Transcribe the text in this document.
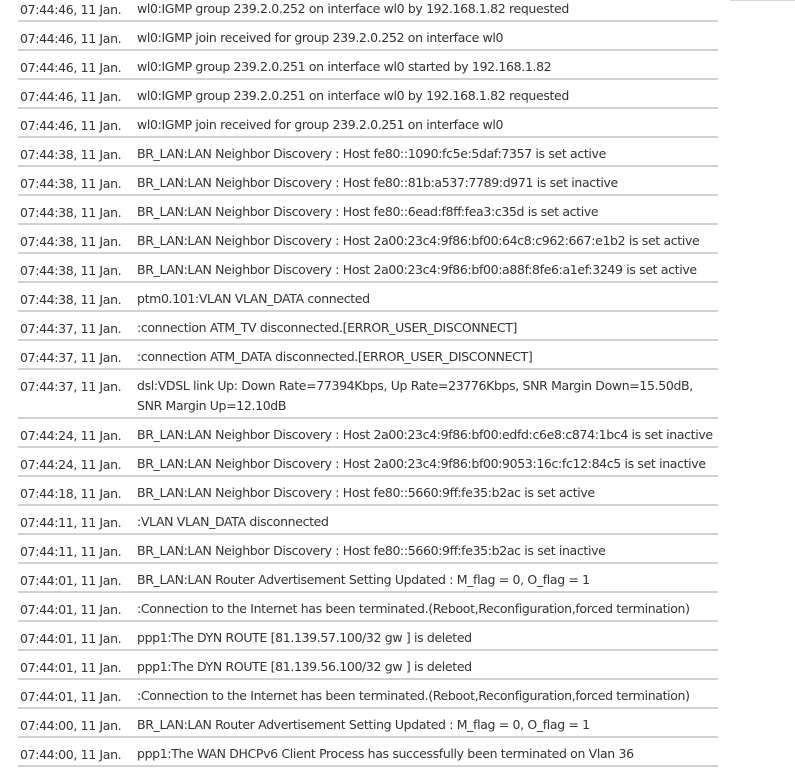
07:44:46, 11 Jan.	wl0:IGMP group 239.2.0.252 on interface wl0 by 192.168.1.82 requested
07:44:46, 11 Jan.	wl0:IGMP join received for group 239.2.0.252 on interface wl0
07:44:46, 11 Jan.	wl0:IGMP group 239.2.0.251 on interface wl0 started by 192.168.1.82
07:44:46, 11 Jan.	wl0:IGMP group 239.2.0.251 on interface wl0 by 192.168.1.82 requested
07:44:46, 11 Jan.	wl0:IGMP join received for group 239.2.0.251 on interface wl0
07:44:38, 11 Jan.	BR_LAN:LAN Neighbor Discovery : Host fe80::1090:fc5e:5daf:7357 is set active
07:44:38, 11 Jan.	BR_LAN:LAN Neighbor Discovery : Host fe80::81b:a537:7789:d971 is set inactive
07:44:38, 11 Jan.	BR_LAN:LAN Neighbor Discovery : Host fe80::6ead:f8ff:fea3:c35d is set active
07:44:38, 11 Jan.	BR_LAN:LAN Neighbor Discovery : Host 2a00:23c4:9f86:bf00:64c8:c962:667:e1b2 is set active
07:44:38, 11 Jan.	BR_LAN:LAN Neighbor Discovery : Host 2a00:23c4:9f86:bf00:a88f:8fe6:a1ef:3249 is set active
07:44:38, 11 Jan.	ptm0.101:VLAN VLAN_DATA connected
07:44:37, 11 Jan.	:connection ATM_TV disconnected.[ERROR_USER_DISCONNECT]
07:44:37, 11 Jan.	:connection ATM_DATA disconnected.[ERROR_USER_DISCONNECT]
07:44:37, 11 Jan.	dsl:VDSL link Up: Down Rate=77394Kbps, Up Rate=23776Kbps, SNR Margin Down=15.50dB, SNR Margin Up=12.10dB
07:44:24, 11 Jan.	BR_LAN:LAN Neighbor Discovery : Host 2a00:23c4:9f86:bf00:edfd:c6e8:c874:1bc4 is set inactive
07:44:24, 11 Jan.	BR_LAN:LAN Neighbor Discovery : Host 2a00:23c4:9f86:bf00:9053:16c:fc12:84c5 is set inactive
07:44:18, 11 Jan.	BR_LAN:LAN Neighbor Discovery : Host fe80::5660:9ff:fe35:b2ac is set active
07:44:11, 11 Jan.	:VLAN VLAN_DATA disconnected
07:44:11, 11 Jan.	BR_LAN:LAN Neighbor Discovery : Host fe80::5660:9ff:fe35:b2ac is set inactive
07:44:01, 11 Jan.	BR_LAN:LAN Router Advertisement Setting Updated : M_flag = 0, O_flag = 1
07:44:01, 11 Jan.	:Connection to the Internet has been terminated.(Reboot,Reconfiguration,forced termination)
07:44:01, 11 Jan.	ppp1:The DYN ROUTE [81.139.57.100/32 gw ] is deleted
07:44:01, 11 Jan.	ppp1:The DYN ROUTE [81.139.56.100/32 gw ] is deleted
07:44:01, 11 Jan.	:Connection to the Internet has been terminated.(Reboot,Reconfiguration,forced termination)
07:44:00, 11 Jan.	BR_LAN:LAN Router Advertisement Setting Updated : M_flag = 0, O_flag = 1
07:44:00, 11 Jan.	ppp1:The WAN DHCPv6 Client Process has successfully been terminated on Vlan 36
